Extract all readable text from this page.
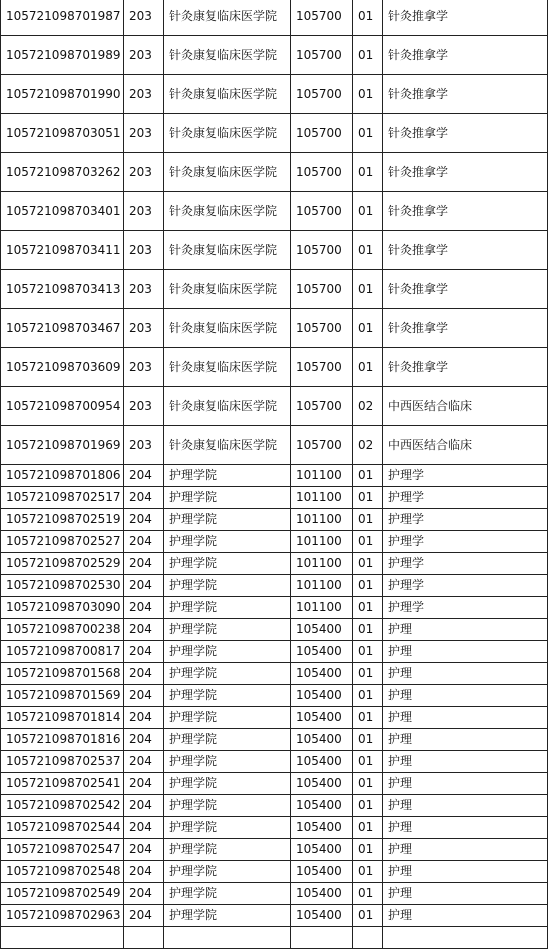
105721098701987	203	针灸康复临床医学院	105700	01	针灸推拿学
105721098701989	203	针灸康复临床医学院	105700	01	针灸推拿学
105721098701990	203	针灸康复临床医学院	105700	01	针灸推拿学
105721098703051	203	针灸康复临床医学院	105700	01	针灸推拿学
105721098703262	203	针灸康复临床医学院	105700	01	针灸推拿学
105721098703401	203	针灸康复临床医学院	105700	01	针灸推拿学
105721098703411	203	针灸康复临床医学院	105700	01	针灸推拿学
105721098703413	203	针灸康复临床医学院	105700	01	针灸推拿学
105721098703467	203	针灸康复临床医学院	105700	01	针灸推拿学
105721098703609	203	针灸康复临床医学院	105700	01	针灸推拿学
105721098700954	203	针灸康复临床医学院	105700	02	中西医结合临床
105721098701969	203	针灸康复临床医学院	105700	02	中西医结合临床
105721098701806	204	护理学院	101100	01	护理学
105721098702517	204	护理学院	101100	01	护理学
105721098702519	204	护理学院	101100	01	护理学
105721098702527	204	护理学院	101100	01	护理学
105721098702529	204	护理学院	101100	01	护理学
105721098702530	204	护理学院	101100	01	护理学
105721098703090	204	护理学院	101100	01	护理学
105721098700238	204	护理学院	105400	01	护理
105721098700817	204	护理学院	105400	01	护理
105721098701568	204	护理学院	105400	01	护理
105721098701569	204	护理学院	105400	01	护理
105721098701814	204	护理学院	105400	01	护理
105721098701816	204	护理学院	105400	01	护理
105721098702537	204	护理学院	105400	01	护理
105721098702541	204	护理学院	105400	01	护理
105721098702542	204	护理学院	105400	01	护理
105721098702544	204	护理学院	105400	01	护理
105721098702547	204	护理学院	105400	01	护理
105721098702548	204	护理学院	105400	01	护理
105721098702549	204	护理学院	105400	01	护理
105721098702963	204	护理学院	105400	01	护理
